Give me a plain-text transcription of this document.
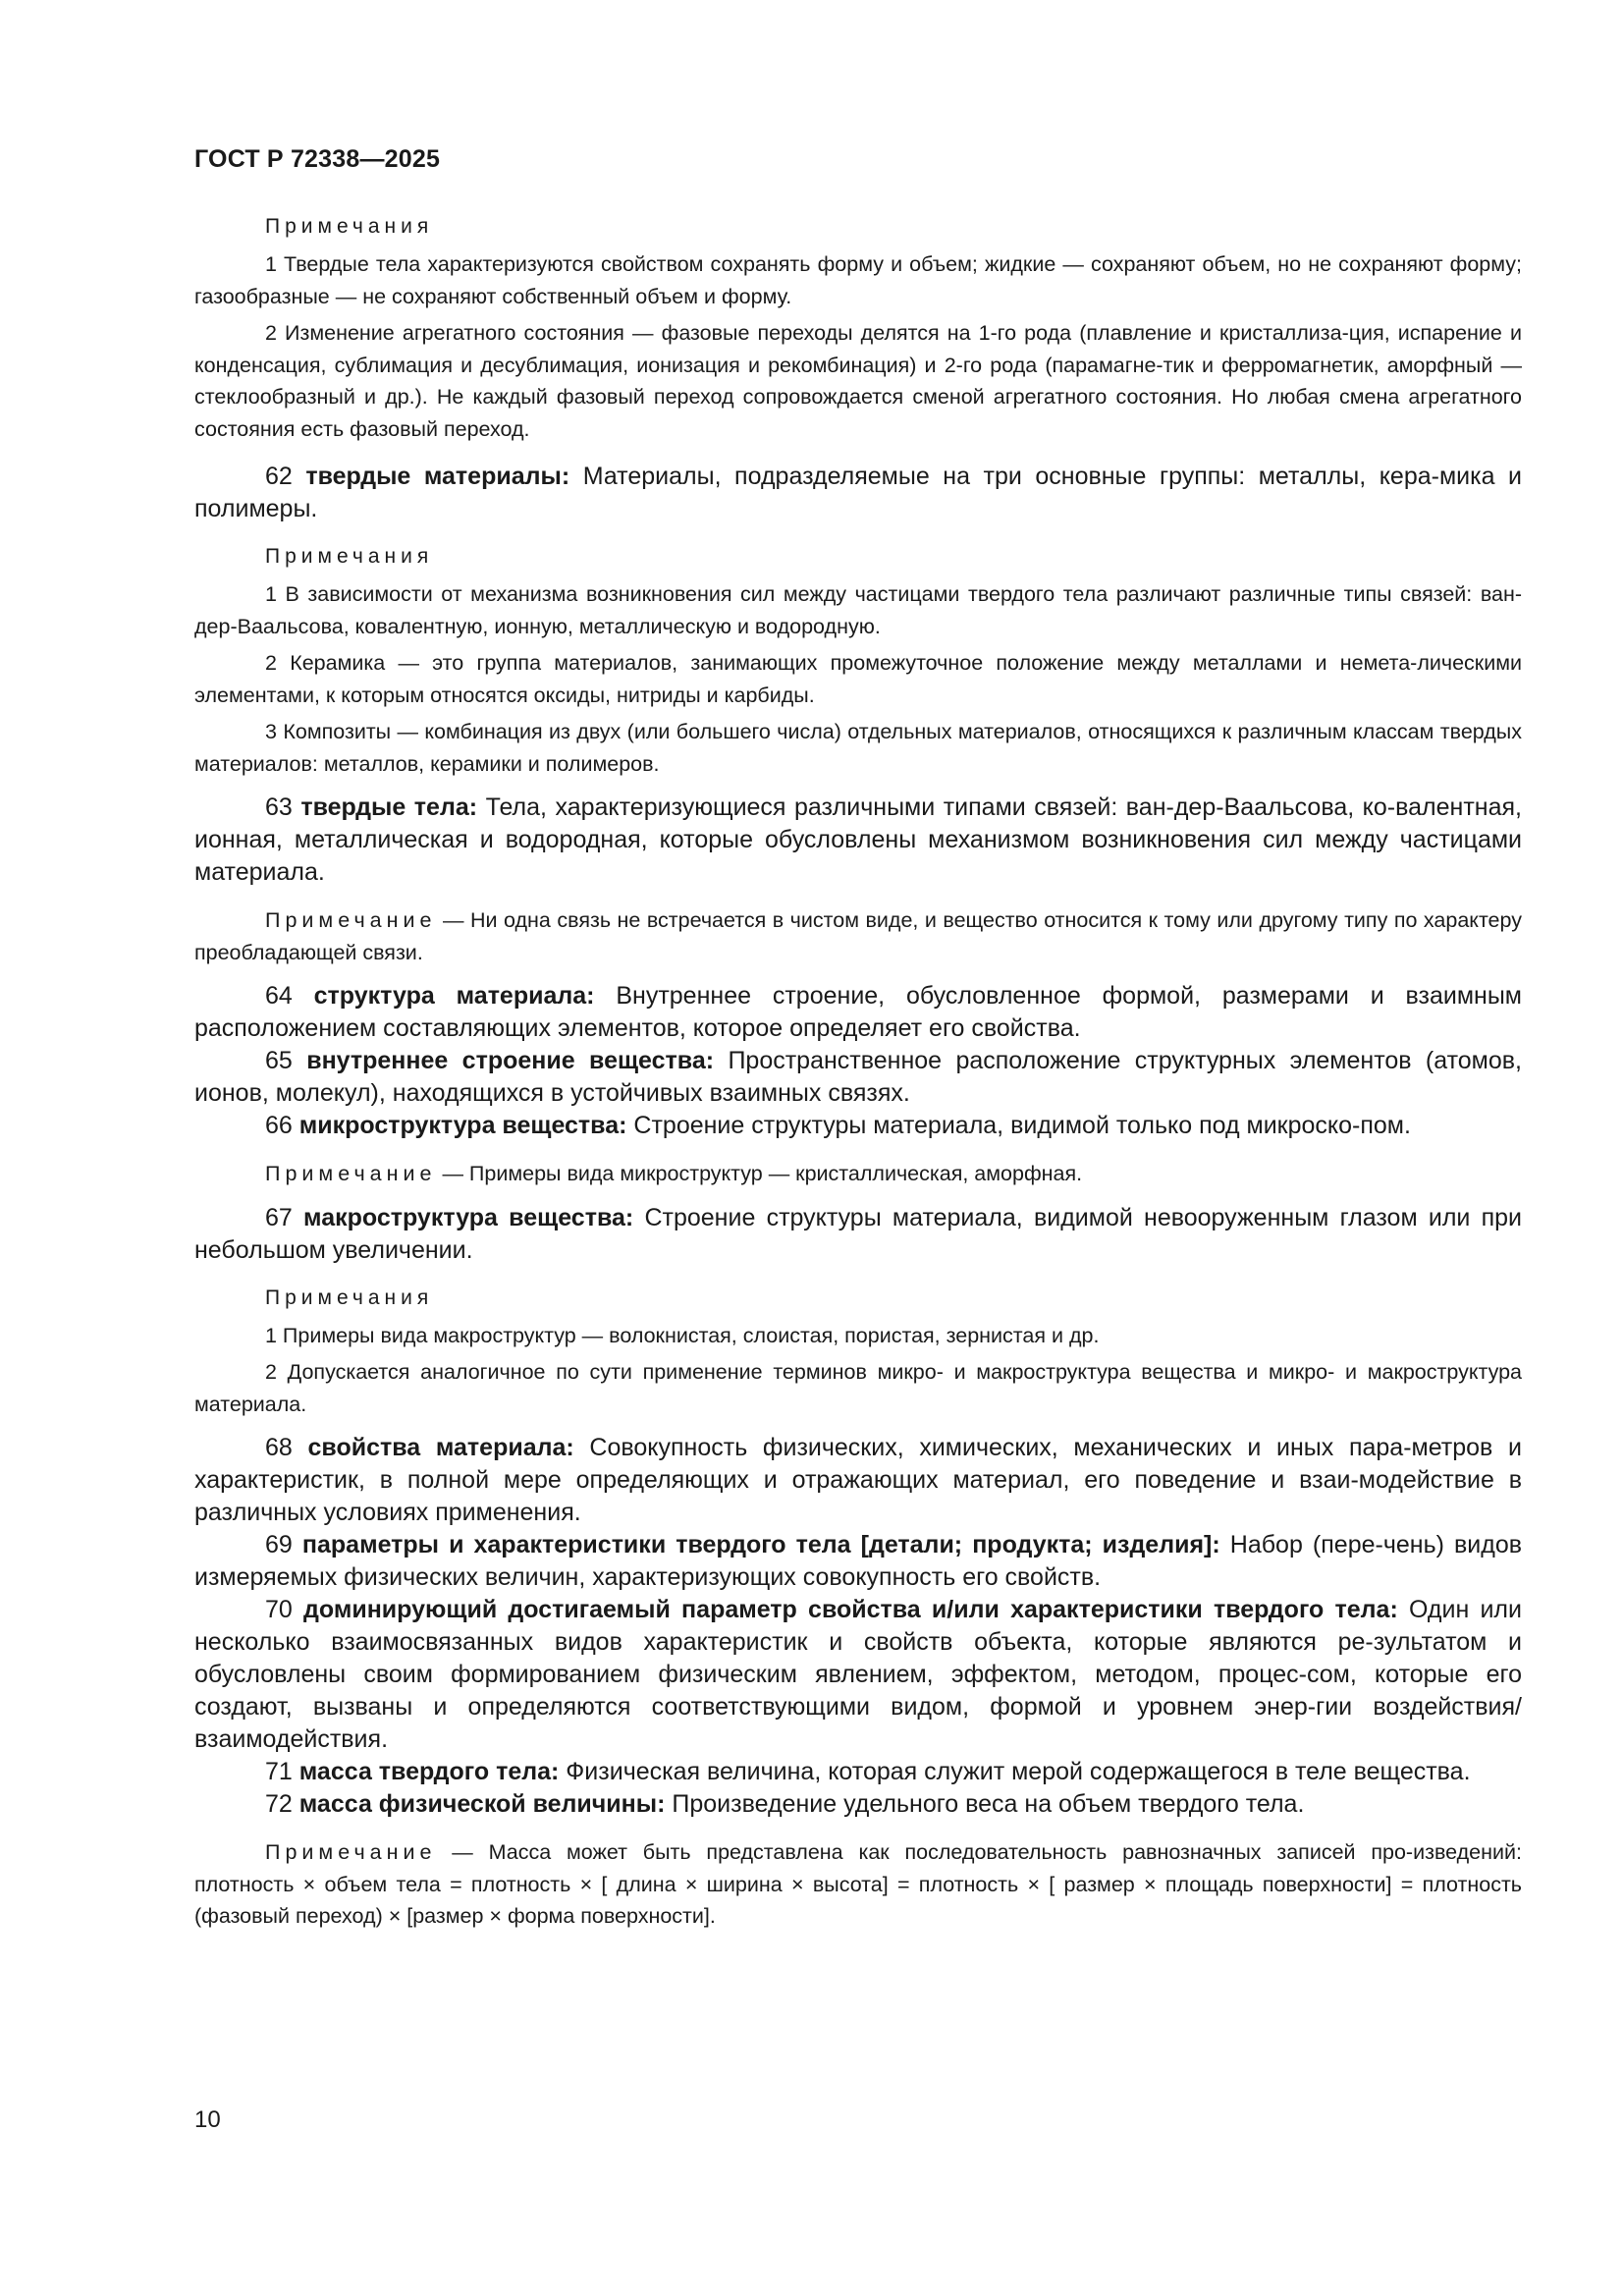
ГОСТ Р 72338—2025
Примечания

1 Твердые тела характеризуются свойством сохранять форму и объем; жидкие — сохраняют объем, но не сохраняют форму; газообразные — не сохраняют собственный объем и форму.

2 Изменение агрегатного состояния — фазовые переходы делятся на 1-го рода (плавление и кристаллиза-ция, испарение и конденсация, сублимация и десублимация, ионизация и рекомбинация) и 2-го рода (парамагне-тик и ферромагнетик, аморфный — стеклообразный и др.). Не каждый фазовый переход сопровождается сменой агрегатного состояния. Но любая смена агрегатного состояния есть фазовый переход.

62 твердые материалы: Материалы, подразделяемые на три основные группы: металлы, кера-мика и полимеры.

Примечания

1 В зависимости от механизма возникновения сил между частицами твердого тела различают различные типы связей: ван-дер-Ваальсова, ковалентную, ионную, металлическую и водородную.

2 Керамика — это группа материалов, занимающих промежуточное положение между металлами и немета-лическими элементами, к которым относятся оксиды, нитриды и карбиды.

3 Композиты — комбинация из двух (или большего числа) отдельных материалов, относящихся к различным классам твердых материалов: металлов, керамики и полимеров.

63 твердые тела: Тела, характеризующиеся различными типами связей: ван-дер-Ваальсова, ко-валентная, ионная, металлическая и водородная, которые обусловлены механизмом возникновения сил между частицами материала.

Примечание — Ни одна связь не встречается в чистом виде, и вещество относится к тому или другому типу по характеру преобладающей связи.

64 структура материала: Внутреннее строение, обусловленное формой, размерами и взаимным расположением составляющих элементов, которое определяет его свойства.

65 внутреннее строение вещества: Пространственное расположение структурных элементов (атомов, ионов, молекул), находящихся в устойчивых взаимных связях.

66 микроструктура вещества: Строение структуры материала, видимой только под микроско-пом.

Примечание — Примеры вида микроструктур — кристаллическая, аморфная.

67 макроструктура вещества: Строение структуры материала, видимой невооруженным глазом или при небольшом увеличении.

Примечания

1 Примеры вида макроструктур — волокнистая, слоистая, пористая, зернистая и др.

2 Допускается аналогичное по сути применение терминов микро- и макроструктура вещества и микро- и макроструктура материала.

68 свойства материала: Совокупность физических, химических, механических и иных пара-метров и характеристик, в полной мере определяющих и отражающих материал, его поведение и взаи-модействие в различных условиях применения.

69 параметры и характеристики твердого тела [детали; продукта; изделия]: Набор (пере-чень) видов измеряемых физических величин, характеризующих совокупность его свойств.

70 доминирующий достигаемый параметр свойства и/или характеристики твердого тела: Один или несколько взаимосвязанных видов характеристик и свойств объекта, которые являются ре-зультатом и обусловлены своим формированием физическим явлением, эффектом, методом, процес-сом, которые его создают, вызваны и определяются соответствующими видом, формой и уровнем энер-гии воздействия/взаимодействия.

71 масса твердого тела: Физическая величина, которая служит мерой содержащегося в теле вещества.

72 масса физической величины: Произведение удельного веса на объем твердого тела.

Примечание — Масса может быть представлена как последовательность равнозначных записей про-изведений: плотность × объем тела = плотность × [ длина × ширина × высота] = плотность × [ размер × площадь поверхности] = плотность (фазовый переход) × [размер × форма поверхности].

10
